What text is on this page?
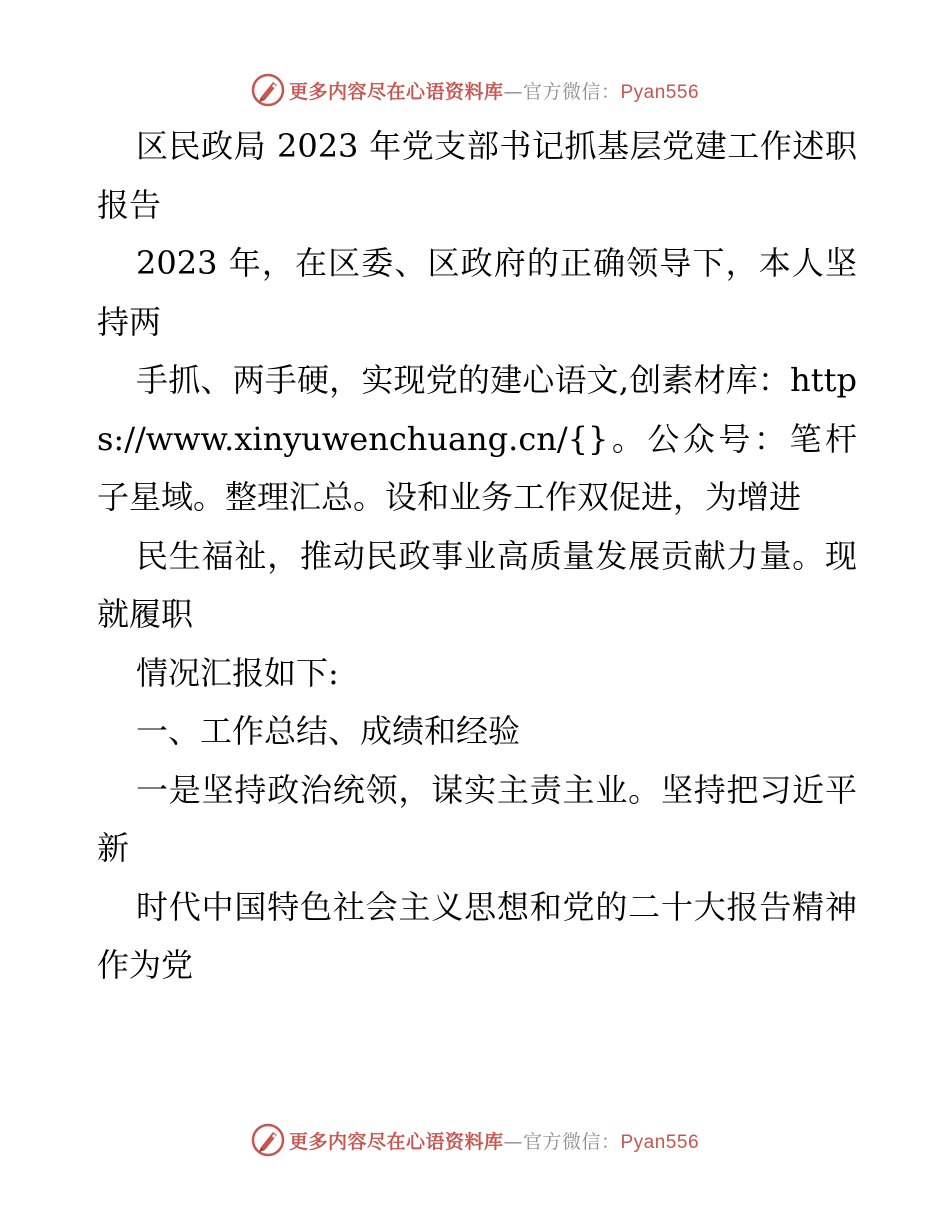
更多内容尽在心语资料库—官方微信：Pyan556

区民政局 2023 年党支部书记抓基层党建工作述职报告

2023 年，在区委、区政府的正确领导下，本人坚持两

手抓、两手硬，实现党的建心语文,创素材库：https://www.xinyuwenchuang.cn/{}。公众号：笔杆子星域。整理汇总。设和业务工作双促进，为增进

民生福祉，推动民政事业高质量发展贡献力量。现就履职

情况汇报如下:

一、工作总结、成绩和经验

一是坚持政治统领，谋实主责主业。坚持把习近平新

时代中国特色社会主义思想和党的二十大报告精神作为党

更多内容尽在心语资料库—官方微信：Pyan556
